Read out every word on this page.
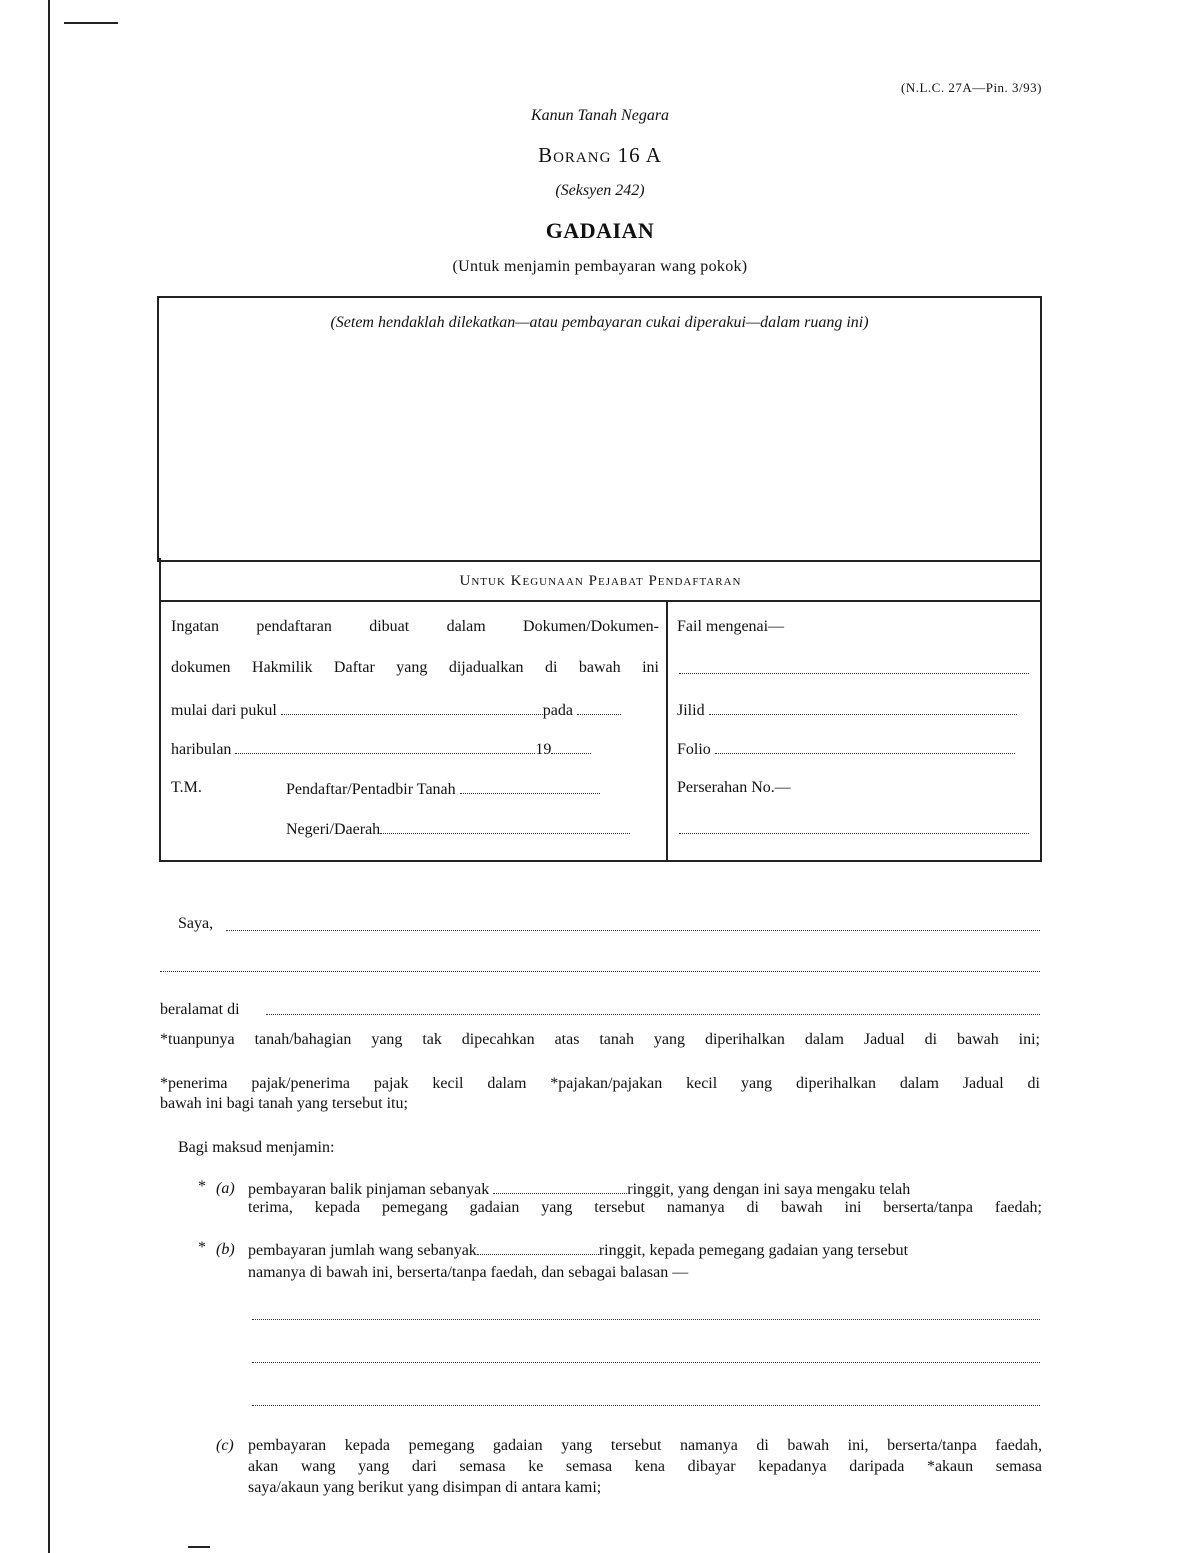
(N.L.C. 27A—Pin. 3/93)
Kanun Tanah Negara
Borang 16 A
(Seksyen 242)
GADAIAN
(Untuk menjamin pembayaran wang pokok)
(Setem hendaklah dilekatkan—atau pembayaran cukai diperakui—dalam ruang ini)
Untuk Kegunaan Pejabat Pendaftaran
Ingatan pendaftaran dibuat dalam Dokumen/Dokumen-
dokumen Hakmilik Daftar yang dijadualkan di bawah ini
mulai dari pukul	pada
haribulan	19
T.M.	Pendaftar/Pentadbir Tanah
Negeri/Daerah
Fail mengenai—
Jilid
Folio
Perserahan No.—
Saya,
beralamat di
*tuanpunya tanah/bahagian yang tak dipecahkan atas tanah yang diperihalkan dalam Jadual di bawah ini;
*penerima pajak/penerima pajak kecil dalam *pajakan/pajakan kecil yang diperihalkan dalam Jadual di
bawah ini bagi tanah yang tersebut itu;
Bagi maksud menjamin:
* (a) pembayaran balik pinjaman sebanyak	ringgit, yang dengan ini saya mengaku telah
terima, kepada pemegang gadaian yang tersebut namanya di bawah ini berserta/tanpa faedah;
* (b) pembayaran jumlah wang sebanyak	ringgit, kepada pemegang gadaian yang tersebut
namanya di bawah ini, berserta/tanpa faedah, dan sebagai balasan —
(c) pembayaran kepada pemegang gadaian yang tersebut namanya di bawah ini, berserta/tanpa faedah,
akan wang yang dari semasa ke semasa kena dibayar kepadanya daripada *akaun semasa
saya/akaun yang berikut yang disimpan di antara kami;
